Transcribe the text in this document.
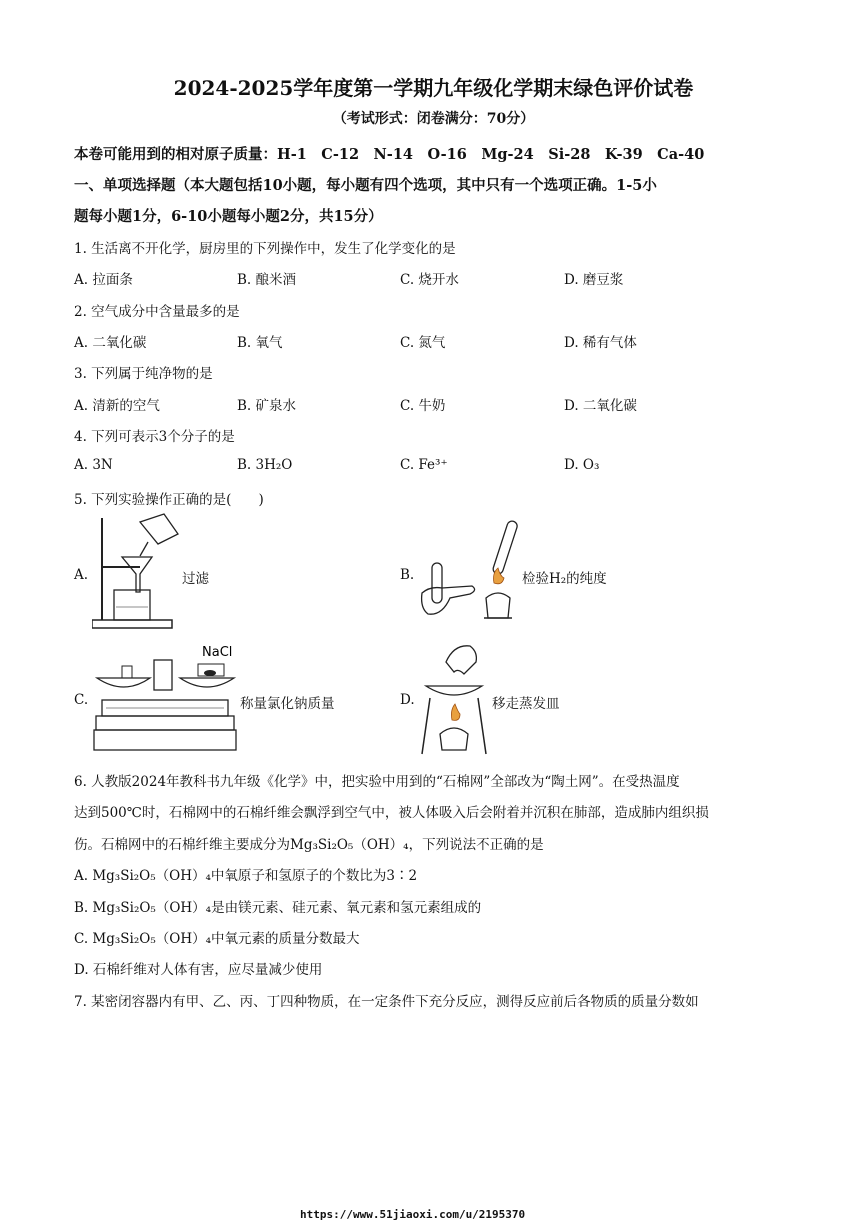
2024-2025学年度第一学期九年级化学期末绿色评价试卷
（考试形式：闭卷满分：70分）
本卷可能用到的相对原子质量：H-1　C-12　N-14　O-16　Mg-24　Si-28　K-39　Ca-40
一、单项选择题（本大题包括10小题，每小题有四个选项，其中只有一个选项正确。1-5小
题每小题1分，6-10小题每小题2分，共15分）
1. 生活离不开化学，厨房里的下列操作中，发生了化学变化的是
A. 拉面条	B. 酿米酒	C. 烧开水	D. 磨豆浆
2. 空气成分中含量最多的是
A. 二氧化碳	B. 氧气	C. 氮气	D. 稀有气体
3. 下列属于纯净物的是
A. 清新的空气	B. 矿泉水	C. 牛奶	D. 二氧化碳
4. 下列可表示3个分子的是
A. 3N	B. 3H₂O	C. Fe³⁺	D. O₃
5. 下列实验操作正确的是(　　)
A.	过滤	B.	检验H₂的纯度
C.
NaCl
称量氯化钠质量	D.	移走蒸发皿
6. 人教版2024年教科书九年级《化学》中，把实验中用到的“石棉网”全部改为“陶土网”。在受热温度
达到500℃时，石棉网中的石棉纤维会飘浮到空气中，被人体吸入后会附着并沉积在肺部，造成肺内组织损
伤。石棉网中的石棉纤维主要成分为Mg₃Si₂O₅（OH）₄，下列说法不正确的是
A. Mg₃Si₂O₅（OH）₄中氧原子和氢原子的个数比为3∶2
B. Mg₃Si₂O₅（OH）₄是由镁元素、硅元素、氧元素和氢元素组成的
C. Mg₃Si₂O₅（OH）₄中氧元素的质量分数最大
D. 石棉纤维对人体有害，应尽量减少使用
7. 某密闭容器内有甲、乙、丙、丁四种物质，在一定条件下充分反应，测得反应前后各物质的质量分数如
https://www.51jiaoxi.com/u/2195370
